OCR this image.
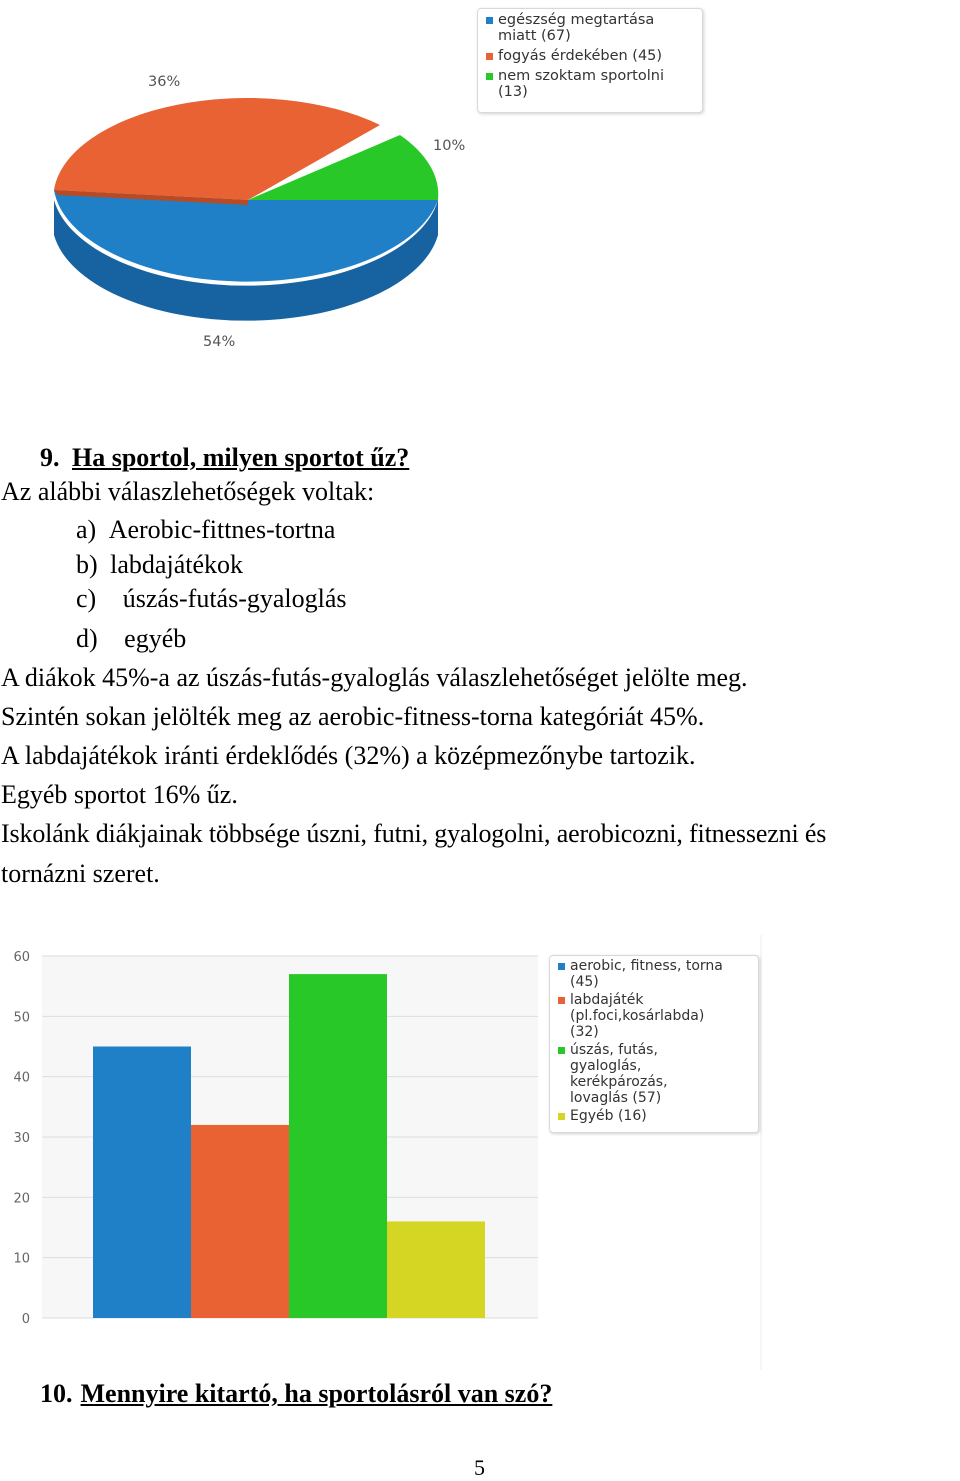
36%
10%
54%
egészség megtartása
miatt (67)
fogyás érdekében (45)
nem szoktam sportolni
(13)
9. Ha sportol, milyen sportot űz?
Az alábbi válaszlehetőségek voltak:
a) Aerobic-fittnes-tortna
b) labdajátékok
c) úszás-futás-gyaloglás
d) egyéb
A diákok 45%-a az úszás-futás-gyaloglás válaszlehetőséget jelölte meg.
Szintén sokan jelölték meg az aerobic-fitness-torna kategóriát 45%.
A labdajátékok iránti érdeklődés (32%) a középmezőnybe tartozik.
Egyéb sportot 16% űz.
Iskolánk diákjainak többsége úszni, futni, gyalogolni, aerobicozni, fitnessezni és
tornázni szeret.
0
10
20
30
40
50
60
aerobic, fitness, torna
(45)
labdajáték
(pl.foci,kosárlabda)
(32)
úszás, futás,
gyaloglás,
kerékpározás,
lovaglás (57)
Egyéb (16)
10. Mennyire kitartó, ha sportolásról van szó?
5
